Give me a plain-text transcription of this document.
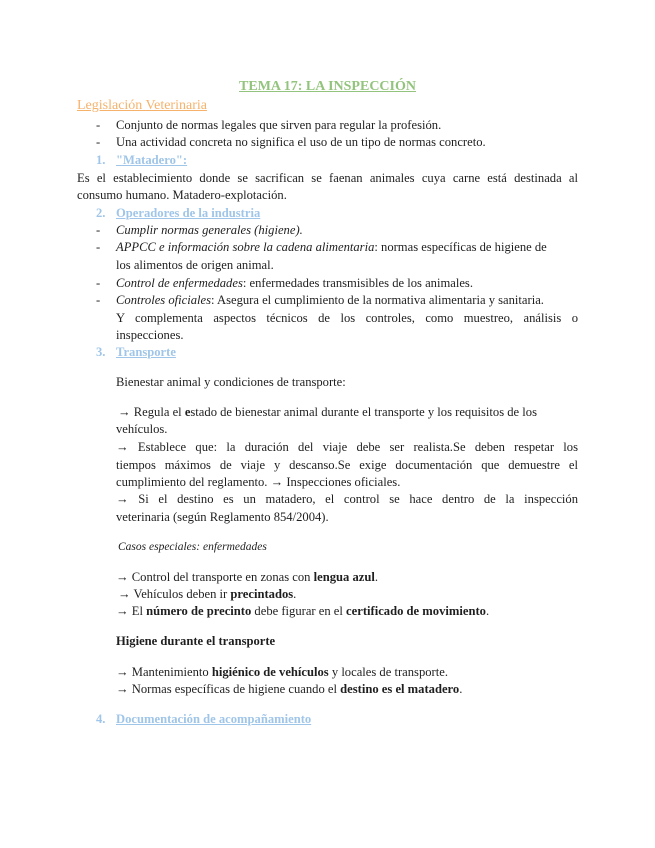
TEMA 17: LA INSPECCIÓN
Legislación Veterinaria
- Conjunto de normas legales que sirven para regular la profesión.
- Una actividad concreta no significa el uso de un tipo de normas concreto.
1. "Matadero":
Es el establecimiento donde se sacrifican se faenan animales cuya carne está destinada al
consumo humano. Matadero-explotación.
2. Operadores de la industria
- Cumplir normas generales (higiene).
- APPCC e información sobre la cadena alimentaria: normas específicas de higiene de
los alimentos de origen animal.
- Control de enfermedades: enfermedades transmisibles de los animales.
- Controles oficiales: Asegura el cumplimiento de la normativa alimentaria y sanitaria.
Y complementa aspectos técnicos de los controles, como muestreo, análisis o
inspecciones.
3. Transporte
Bienestar animal y condiciones de transporte:
→ Regula el estado de bienestar animal durante el transporte y los requisitos de los
vehículos.
→ Establece que: la duración del viaje debe ser realista.Se deben respetar los
tiempos máximos de viaje y descanso.Se exige documentación que demuestre el
cumplimiento del reglamento. → Inspecciones oficiales.
→ Si el destino es un matadero, el control se hace dentro de la inspección
veterinaria (según Reglamento 854/2004).
Casos especiales: enfermedades
→ Control del transporte en zonas con lengua azul.
→ Vehículos deben ir precintados.
→ El número de precinto debe figurar en el certificado de movimiento.
Higiene durante el transporte
→ Mantenimiento higiénico de vehículos y locales de transporte.
→ Normas específicas de higiene cuando el destino es el matadero.
4. Documentación de acompañamiento
